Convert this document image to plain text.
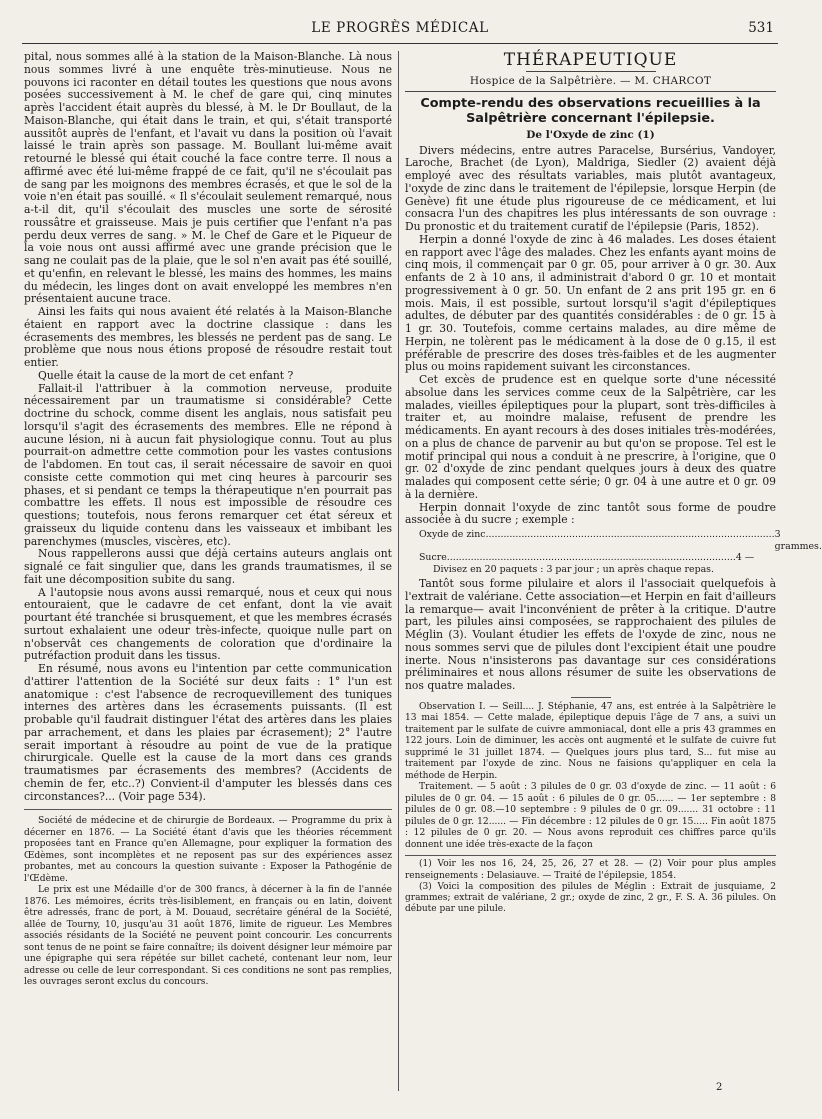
LE PROGRÈS MÉDICAL	531

pital, nous sommes allé à la station de la Maison-Blanche. Là nous nous sommes livré à une enquête très-minutieuse. Nous ne pouvons ici raconter en détail toutes les questions que nous avons posées successivement à M. le chef de gare qui, cinq minutes après l'accident était auprès du blessé, à M. le Dr Boullaut, de la Maison-Blanche, qui était dans le train, et qui, s'était transporté aussitôt auprès de l'enfant, et l'avait vu dans la position où l'avait laissé le train après son passage. M. Boullant lui-même avait retourné le blessé qui était couché la face contre terre. Il nous a affirmé avec été lui-même frappé de ce fait, qu'il ne s'écoulait pas de sang par les moignons des membres écrasés, et que le sol de la voie n'en était pas souillé. « Il s'écoulait seulement remarqué, nous a-t-il dit, qu'il s'écoulait des muscles une sorte de sérosité roussâtre et graisseuse. Mais je puis certifier que l'enfant n'a pas perdu deux verres de sang. » M. le Chef de Gare et le Piqueur de la voie nous ont aussi affirmé avec une grande précision que le sang ne coulait pas de la plaie, que le sol n'en avait pas été souillé, et qu'enfin, en relevant le blessé, les mains des hommes, les mains du médecin, les linges dont on avait enveloppé les membres n'en présentaient aucune trace.

Ainsi les faits qui nous avaient été relatés à la Maison-Blanche étaient en rapport avec la doctrine classique : dans les écrasements des membres, les blessés ne perdent pas de sang. Le problème que nous nous étions proposé de résoudre restait tout entier.

Quelle était la cause de la mort de cet enfant ?

Fallait-il l'attribuer à la commotion nerveuse, produite nécessairement par un traumatisme si considérable? Cette doctrine du schock, comme disent les anglais, nous satisfait peu lorsqu'il s'agit des écrasements des membres. Elle ne répond à aucune lésion, ni à aucun fait physiologique connu. Tout au plus pourrait-on admettre cette commotion pour les vastes contusions de l'abdomen. En tout cas, il serait nécessaire de savoir en quoi consiste cette commotion qui met cinq heures à parcourir ses phases, et si pendant ce temps la thérapeutique n'en pourrait pas combattre les effets. Il nous est impossible de résoudre ces questions; toutefois, nous ferons remarquer cet état séreux et graisseux du liquide contenu dans les vaisseaux et imbibant les parenchymes (muscles, viscères, etc).

Nous rappellerons aussi que déjà certains auteurs anglais ont signalé ce fait singulier que, dans les grands traumatismes, il se fait une décomposition subite du sang.

A l'autopsie nous avons aussi remarqué, nous et ceux qui nous entouraient, que le cadavre de cet enfant, dont la vie avait pourtant été tranchée si brusquement, et que les membres écrasés surtout exhalaient une odeur très-infecte, quoique nulle part on n'observât ces changements de coloration que d'ordinaire la putréfaction produit dans les tissus.

En résumé, nous avons eu l'intention par cette communication d'attirer l'attention de la Société sur deux faits : 1° l'un est anatomique : c'est l'absence de recroquevillement des tuniques internes des artères dans les écrasements puissants. (Il est probable qu'il faudrait distinguer l'état des artères dans les plaies par arrachement, et dans les plaies par écrasement); 2° l'autre serait important à résoudre au point de vue de la pratique chirurgicale. Quelle est la cause de la mort dans ces grands traumatismes par écrasements des membres? (Accidents de chemin de fer, etc..?) Convient-il d'amputer les blessés dans ces circonstances?... (Voir page 534).

Société de médecine et de chirurgie de Bordeaux. — Programme du prix à décerner en 1876. — La Société étant d'avis que les théories récemment proposées tant en France qu'en Allemagne, pour expliquer la formation des Œdèmes, sont incomplètes et ne reposent pas sur des expériences assez probantes, met au concours la question suivante : Exposer la Pathogénie de l'Œdème.

Le prix est une Médaille d'or de 300 francs, à décerner à la fin de l'année 1876. Les mémoires, écrits très-lisiblement, en français ou en latin, doivent être adressés, franc de port, à M. Douaud, secrétaire général de la Société, allée de Tourny, 10, jusqu'au 31 août 1876, limite de rigueur. Les Membres associés résidants de la Société ne peuvent point concourir. Les concurrents sont tenus de ne point se faire connaître; ils doivent désigner leur mémoire par une épigraphe qui sera répétée sur billet cacheté, contenant leur nom, leur adresse ou celle de leur correspondant. Si ces conditions ne sont pas remplies, les ouvrages seront exclus du concours.

THÉRAPEUTIQUE
Hospice de la Salpêtrière. — M. CHARCOT
Compte-rendu des observations recueillies à la Salpêtrière concernant l'épilepsie.
De l'Oxyde de zinc (1)

Divers médecins, entre autres Paracelse, Bursérius, Vandoyer, Laroche, Brachet (de Lyon), Maldriga, Siedler (2) avaient déjà employé avec des résultats variables, mais plutôt avantageux, l'oxyde de zinc dans le traitement de l'épilepsie, lorsque Herpin (de Genève) fit une étude plus rigoureuse de ce médicament, et lui consacra l'un des chapitres les plus intéressants de son ouvrage : Du pronostic et du traitement curatif de l'épilepsie (Paris, 1852).

Herpin a donné l'oxyde de zinc à 46 malades. Les doses étaient en rapport avec l'âge des malades. Chez les enfants ayant moins de cinq mois, il commençait par 0 gr. 05, pour arriver à 0 gr. 30. Aux enfants de 2 à 10 ans, il administrait d'abord 0 gr. 10 et montait progressivement à 0 gr. 50. Un enfant de 2 ans prit 195 gr. en 6 mois. Mais, il est possible, surtout lorsqu'il s'agit d'épileptiques adultes, de débuter par des quantités considérables : de 0 gr. 15 à 1 gr. 30. Toutefois, comme certains malades, au dire même de Herpin, ne tolèrent pas le médicament à la dose de 0 g.15, il est préférable de prescrire des doses très-faibles et de les augmenter plus ou moins rapidement suivant les circonstances.

Cet excès de prudence est en quelque sorte d'une nécessité absolue dans les services comme ceux de la Salpêtrière, car les malades, vieilles épileptiques pour la plupart, sont très-difficiles à traiter et, au moindre malaise, refusent de prendre les médicaments. En ayant recours à des doses initiales très-modérées, on a plus de chance de parvenir au but qu'on se propose. Tel est le motif principal qui nous a conduit à ne prescrire, à l'origine, que 0 gr. 02 d'oxyde de zinc pendant quelques jours à deux des quatre malades qui composent cette série; 0 gr. 04 à une autre et 0 gr. 09 à la dernière.

Herpin donnait l'oxyde de zinc tantôt sous forme de poudre associée à du sucre ; exemple :

Oxyde de zinc................................................................................................. 3 grammes.
Sucre................................................................................................. 4 —
Divisez en 20 paquets : 3 par jour ; un après chaque repas.

Tantôt sous forme pilulaire et alors il l'associait quelquefois à l'extrait de valériane. Cette association—et Herpin en fait d'ailleurs la remarque— avait l'inconvénient de prêter à la critique. D'autre part, les pilules ainsi composées, se rapprochaient des pilules de Méglin (3). Voulant étudier les effets de l'oxyde de zinc, nous ne nous sommes servi que de pilules dont l'excipient était une poudre inerte. Nous n'insisterons pas davantage sur ces considérations préliminaires et nous allons résumer de suite les observations de nos quatre malades.

Observation I. — Seill.... J. Stéphanie, 47 ans, est entrée à la Salpêtrière le 13 mai 1854. — Cette malade, épileptique depuis l'âge de 7 ans, a suivi un traitement par le sulfate de cuivre ammoniacal, dont elle a pris 43 grammes en 122 jours. Loin de diminuer, les accès ont augmenté et le sulfate de cuivre fut supprimé le 31 juillet 1874. — Quelques jours plus tard, S... fut mise au traitement par l'oxyde de zinc. Nous ne faisions qu'appliquer en cela la méthode de Herpin.

Traitement. — 5 août : 3 pilules de 0 gr. 03 d'oxyde de zinc. — 11 août : 6 pilules de 0 gr. 04. — 15 août : 6 pilules de 0 gr. 05...... — 1er septembre : 8 pilules de 0 gr. 08.—10 septembre : 9 pilules de 0 gr. 09....... 31 octobre : 11 pilules de 0 gr. 12...... — Fin décembre : 12 pilules de 0 gr. 15..... Fin août 1875 : 12 pilules de 0 gr. 20. — Nous avons reproduit ces chiffres parce qu'ils donnent une idée très-exacte de la façon

(1) Voir les nos 16, 24, 25, 26, 27 et 28. — (2) Voir pour plus amples renseignements : Delasiauve. — Traité de l'épilepsie, 1854.

(3) Voici la composition des pilules de Méglin : Extrait de jusquiame, 2 grammes; extrait de valériane, 2 gr.; oxyde de zinc, 2 gr., F. S. A. 36 pilules. On débute par une pilule.

2
